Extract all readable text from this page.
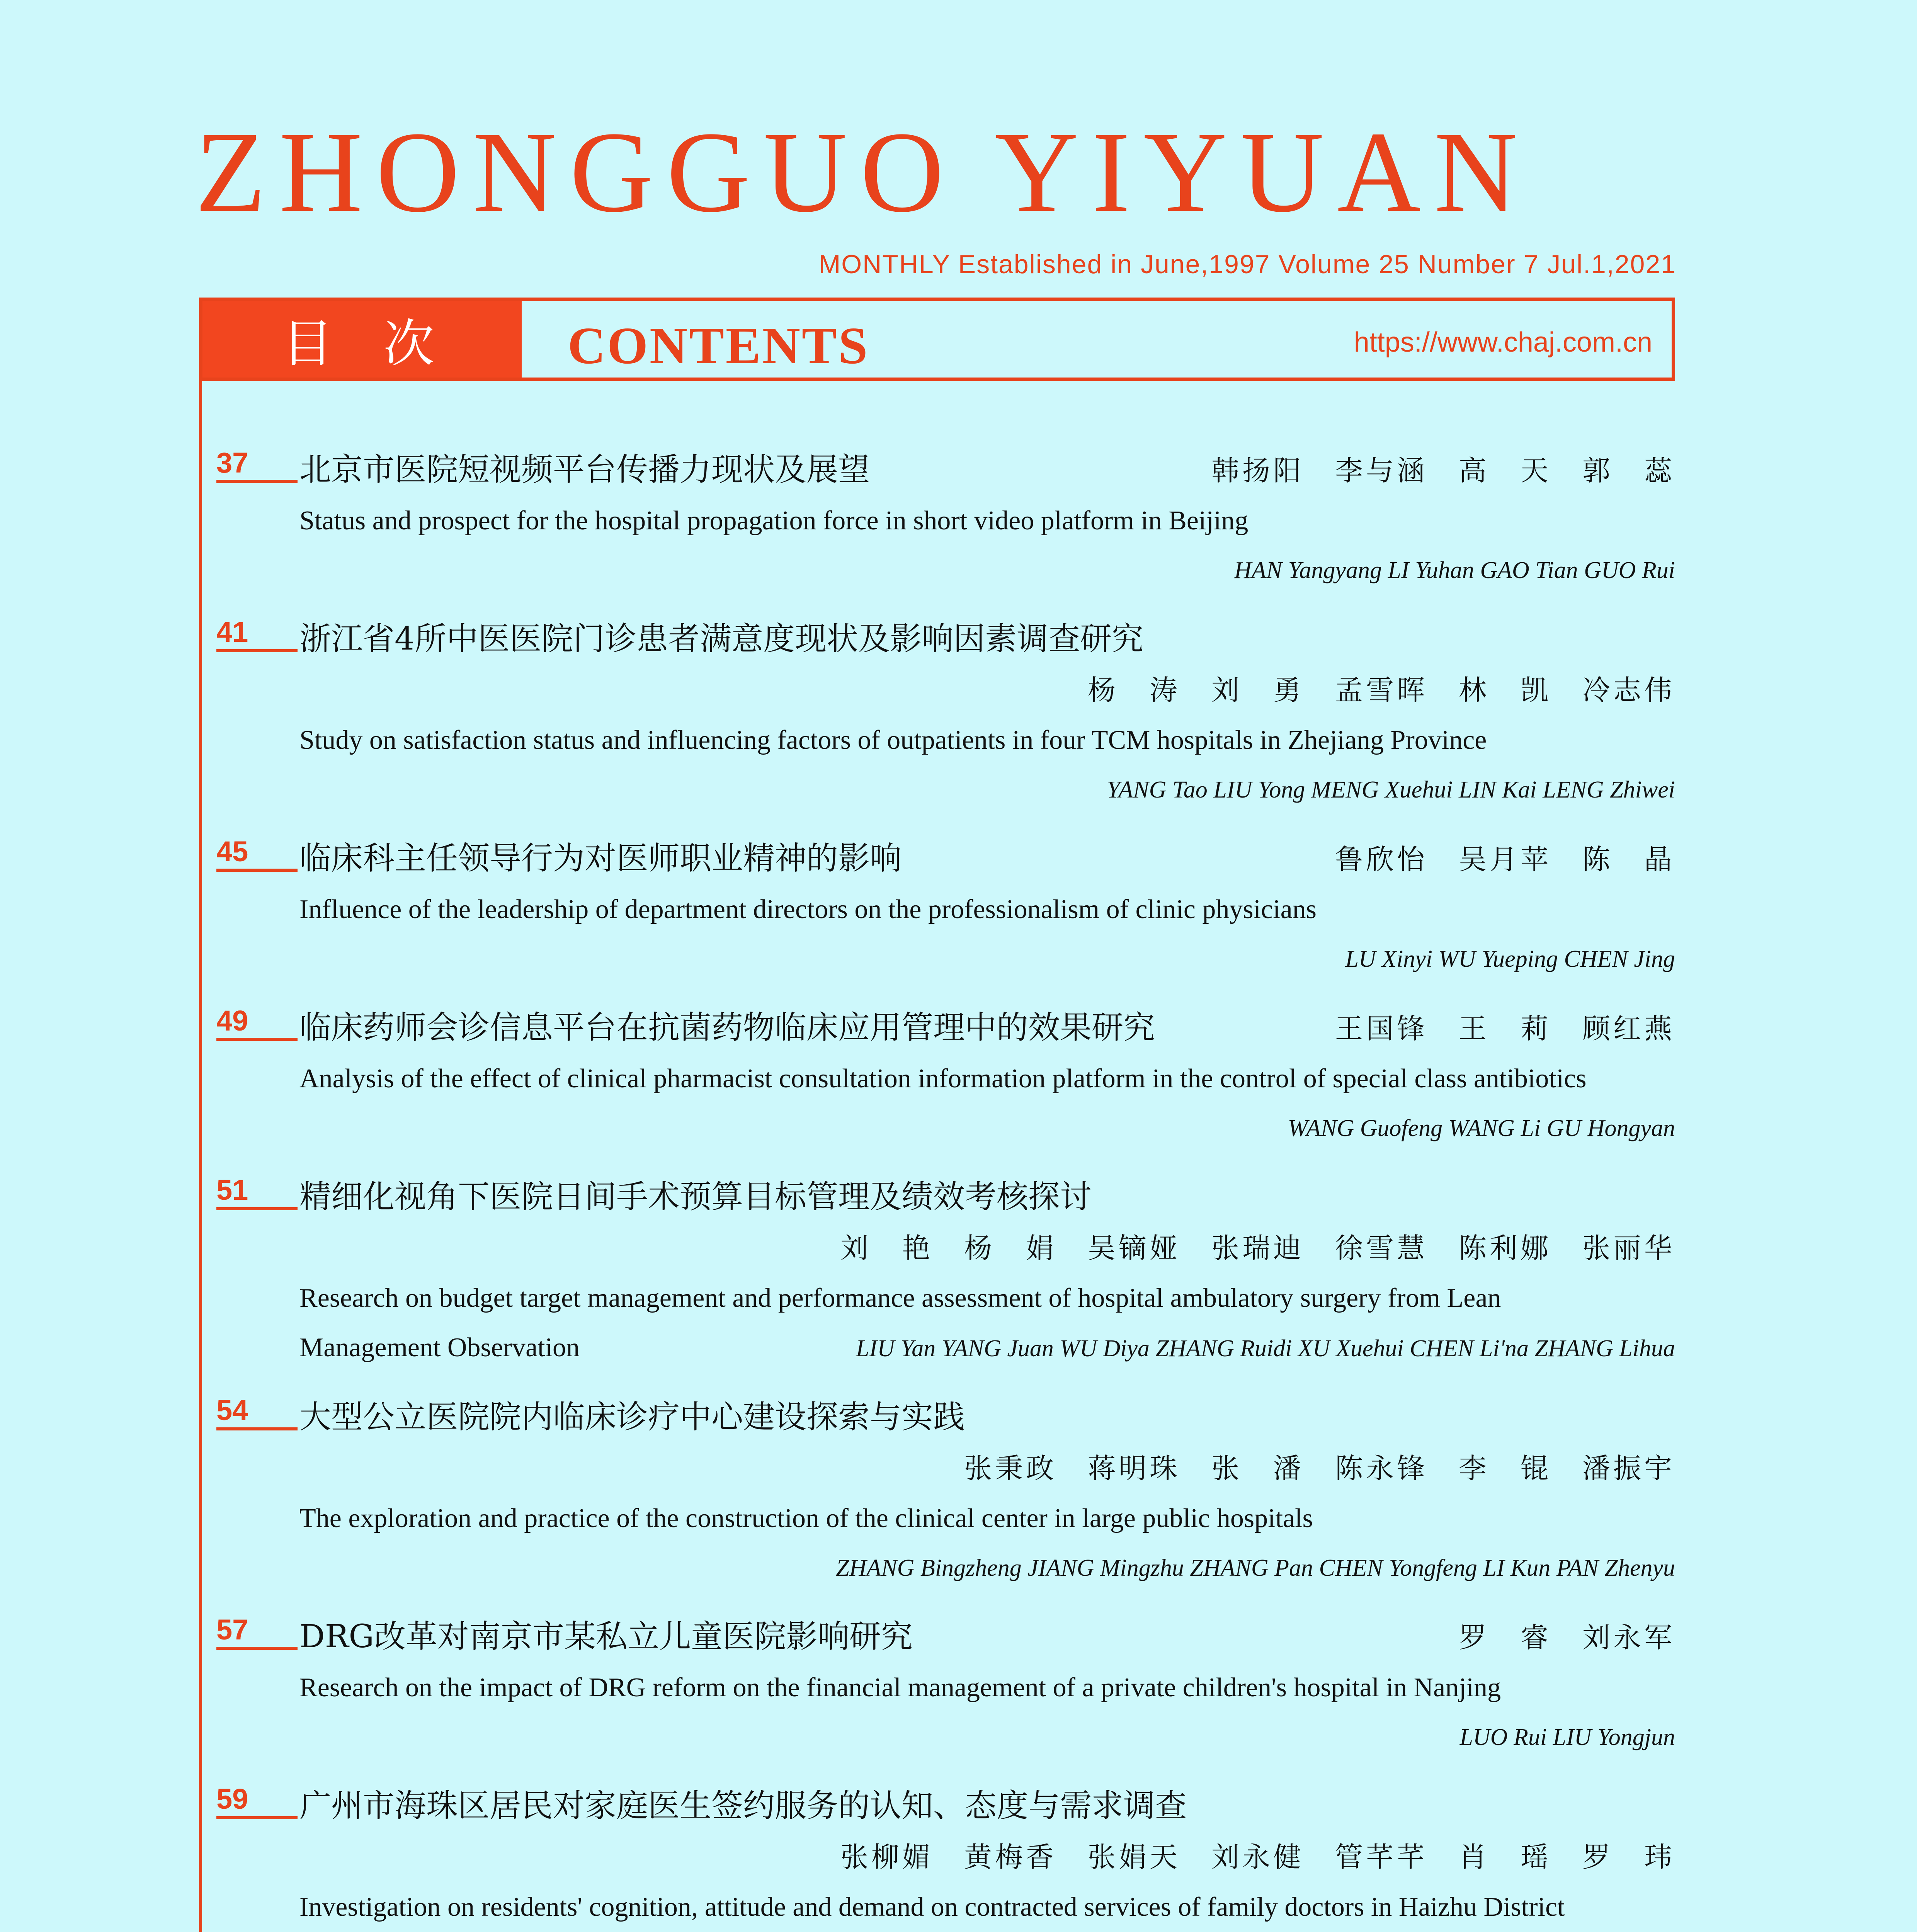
ZHONGGUO YIYUAN
MONTHLY Established in June,1997 Volume 25 Number 7 Jul.1,2021
目次	CONTENTS	https://www.chaj.com.cn
37	北京市医院短视频平台传播力现状及展望	韩扬阳　李与涵　高　天　郭　蕊
Status and prospect for the hospital propagation force in short video platform in Beijing
HAN Yangyang LI Yuhan GAO Tian GUO Rui
41	浙江省4所中医医院门诊患者满意度现状及影响因素调查研究
杨　涛　刘　勇　孟雪晖　林　凯　冷志伟
Study on satisfaction status and influencing factors of outpatients in four TCM hospitals in Zhejiang Province
YANG Tao LIU Yong MENG Xuehui LIN Kai LENG Zhiwei
45	临床科主任领导行为对医师职业精神的影响	鲁欣怡　吴月苹　陈　晶
Influence of the leadership of department directors on the professionalism of clinic physicians
LU Xinyi WU Yueping CHEN Jing
49	临床药师会诊信息平台在抗菌药物临床应用管理中的效果研究	王国锋　王　莉　顾红燕
Analysis of the effect of clinical pharmacist consultation information platform in the control of special class antibiotics
WANG Guofeng WANG Li GU Hongyan
51	精细化视角下医院日间手术预算目标管理及绩效考核探讨
刘　艳　杨　娟　吴镝娅　张瑞迪　徐雪慧　陈利娜　张丽华
Research on budget target management and performance assessment of hospital ambulatory surgery from Lean
Management Observation	LIU Yan YANG Juan WU Diya ZHANG Ruidi XU Xuehui CHEN Li'na ZHANG Lihua
54	大型公立医院院内临床诊疗中心建设探索与实践
张秉政　蒋明珠　张　潘　陈永锋　李　锟　潘振宇
The exploration and practice of the construction of the clinical center in large public hospitals
ZHANG Bingzheng JIANG Mingzhu ZHANG Pan CHEN Yongfeng LI Kun PAN Zhenyu
57	DRG改革对南京市某私立儿童医院影响研究	罗　睿　刘永军
Research on the impact of DRG reform on the financial management of a private children's hospital in Nanjing
LUO Rui LIU Yongjun
59	广州市海珠区居民对家庭医生签约服务的认知、态度与需求调查
张柳媚　黄梅香　张娟天　刘永健　管芊芊　肖　瑶　罗　玮
Investigation on residents' cognition, attitude and demand on contracted services of family doctors in Haizhu District
